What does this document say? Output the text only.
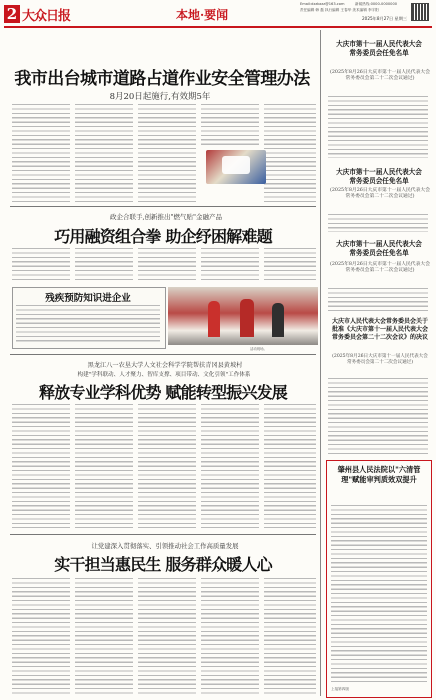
2 大众日报	本地·要闻
Email:dzzbzzz@163.com	新闻热线:0000-0000000
责任编辑 韩 磊 执行编辑 王春华 美术编辑 李宇阳
2025年8月27日 星期三
我市出台城市道路占道作业安全管理办法
8月20日起施行,有效期5年
政企合联手,创新推出"燃气贴"金融产品
巧用融资组合拳 助企纾困解难题
残疾预防知识进企业
活动现场。
黑龙江八一农垦大学人文社会科学学院帮扶青冈县黄坡村
构建"学科联动、人才聚力、智库支撑、项目带动、文化引领"工作体系
释放专业学科优势 赋能转型振兴发展
让党建深入贯彻落实、引领推动社会工作高质量发展
实干担当惠民生 服务群众暖人心
大庆市第十一届人民代表大会常务委员会任免名单
(2025年8月26日大庆市第十一届人民代表大会常务委员会第二十二次会议通过)
大庆市第十一届人民代表大会常务委员会任免名单
(2025年8月26日大庆市第十一届人民代表大会常务委员会第二十二次会议通过)
大庆市第十一届人民代表大会常务委员会任免名单
(2025年8月26日大庆市第十一届人民代表大会常务委员会第二十二次会议通过)
大庆市人民代表大会常务委员会关于批准《大庆市第十一届人民代表大会常务委员会第二十二次会议》的决议
(2025年8月26日大庆市第十一届人民代表大会常务委员会第二十二次会议通过)
肇州县人民法院以"六清管理"赋能审判质效双提升
上接第四版
